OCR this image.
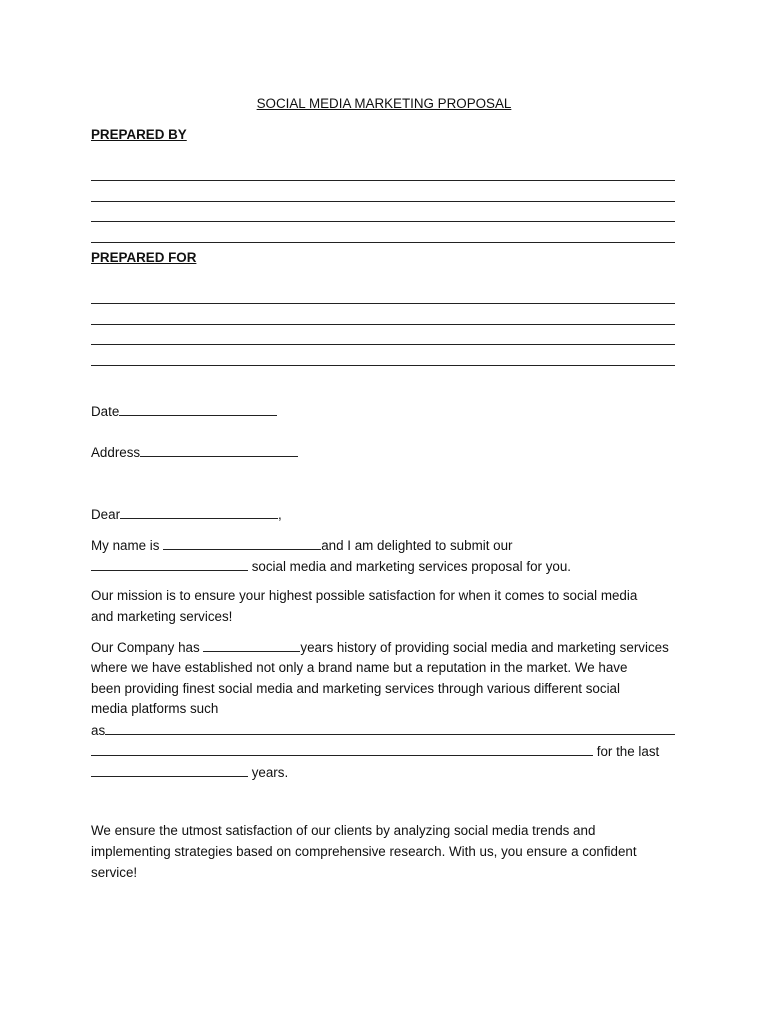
SOCIAL MEDIA MARKETING PROPOSAL
PREPARED BY
PREPARED FOR
Date
Address
Dear	,
My name is	and I am delighted to submit our
social media and marketing services proposal for you.
Our mission is to ensure your highest possible satisfaction for when it comes to social media
and marketing services!
Our Company has	years history of providing social media and marketing services
where we have established not only a brand name but a reputation in the market. We have
been providing finest social media and marketing services through various different social
media platforms such
as
for the last
years.
We ensure the utmost satisfaction of our clients by analyzing social media trends and
implementing strategies based on comprehensive research. With us, you ensure a confident
service!
